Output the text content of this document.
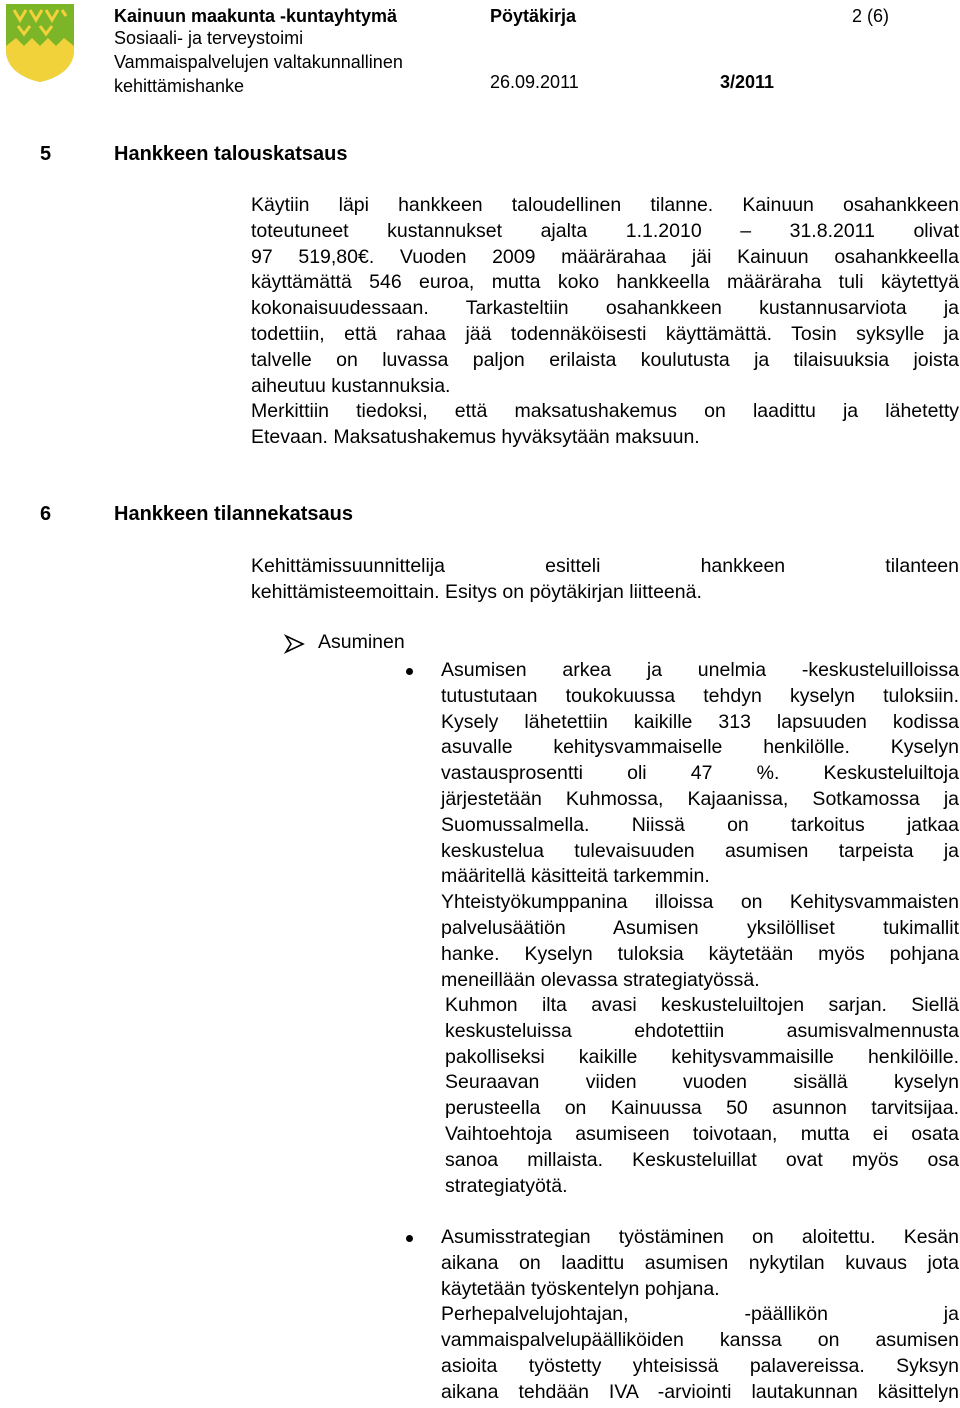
Kainuun maakunta -kuntayhtymä
Sosiaali- ja terveystoimi
Vammaispalvelujen valtakunnallinen
kehittämishanke
Pöytäkirja	2 (6)
26.09.2011	3/2011
5	Hankkeen talouskatsaus
Käytiin läpi hankkeen taloudellinen tilanne. Kainuun osahankkeen
toteutuneet kustannukset ajalta 1.1.2010 – 31.8.2011 olivat
97 519,80€. Vuoden 2009 määrärahaa jäi Kainuun osahankkeella
käyttämättä 546 euroa, mutta koko hankkeella määräraha tuli käytettyä
kokonaisuudessaan. Tarkasteltiin osahankkeen kustannusarviota ja
todettiin, että rahaa jää todennäköisesti käyttämättä. Tosin syksylle ja
talvelle on luvassa paljon erilaista koulutusta ja tilaisuuksia joista
aiheutuu kustannuksia.
Merkittiin tiedoksi, että maksatushakemus on laadittu ja lähetetty
Etevaan. Maksatushakemus hyväksytään maksuun.
6	Hankkeen tilannekatsaus
Kehittämissuunnittelija esitteli hankkeen tilanteen
kehittämisteemoittain. Esitys on pöytäkirjan liitteenä.
Asuminen
Asumisen arkea ja unelmia -keskusteluilloissa
tutustutaan toukokuussa tehdyn kyselyn tuloksiin.
Kysely lähetettiin kaikille 313 lapsuuden kodissa
asuvalle kehitysvammaiselle henkilölle. Kyselyn
vastausprosentti oli 47 %. Keskusteluiltoja
järjestetään Kuhmossa, Kajaanissa, Sotkamossa ja
Suomussalmella. Niissä on tarkoitus jatkaa
keskustelua tulevaisuuden asumisen tarpeista ja
määritellä käsitteitä tarkemmin.
Yhteistyökumppanina illoissa on Kehitysvammaisten
palvelusäätiön Asumisen yksilölliset tukimallit
hanke. Kyselyn tuloksia käytetään myös pohjana
meneillään olevassa strategiatyössä.
Kuhmon ilta avasi keskusteluiltojen sarjan. Siellä
keskusteluissa ehdotettiin asumisvalmennusta
pakolliseksi kaikille kehitysvammaisille henkilöille.
Seuraavan viiden vuoden sisällä kyselyn
perusteella on Kainuussa 50 asunnon tarvitsijaa.
Vaihtoehtoja asumiseen toivotaan, mutta ei osata
sanoa millaista. Keskusteluillat ovat myös osa
strategiatyötä.
Asumisstrategian työstäminen on aloitettu. Kesän
aikana on laadittu asumisen nykytilan kuvaus jota
käytetään työskentelyn pohjana.
Perhepalvelujohtajan, -päällikön ja
vammaispalvelupäälliköiden kanssa on asumisen
asioita työstetty yhteisissä palavereissa. Syksyn
aikana tehdään IVA -arviointi lautakunnan käsittelyn
